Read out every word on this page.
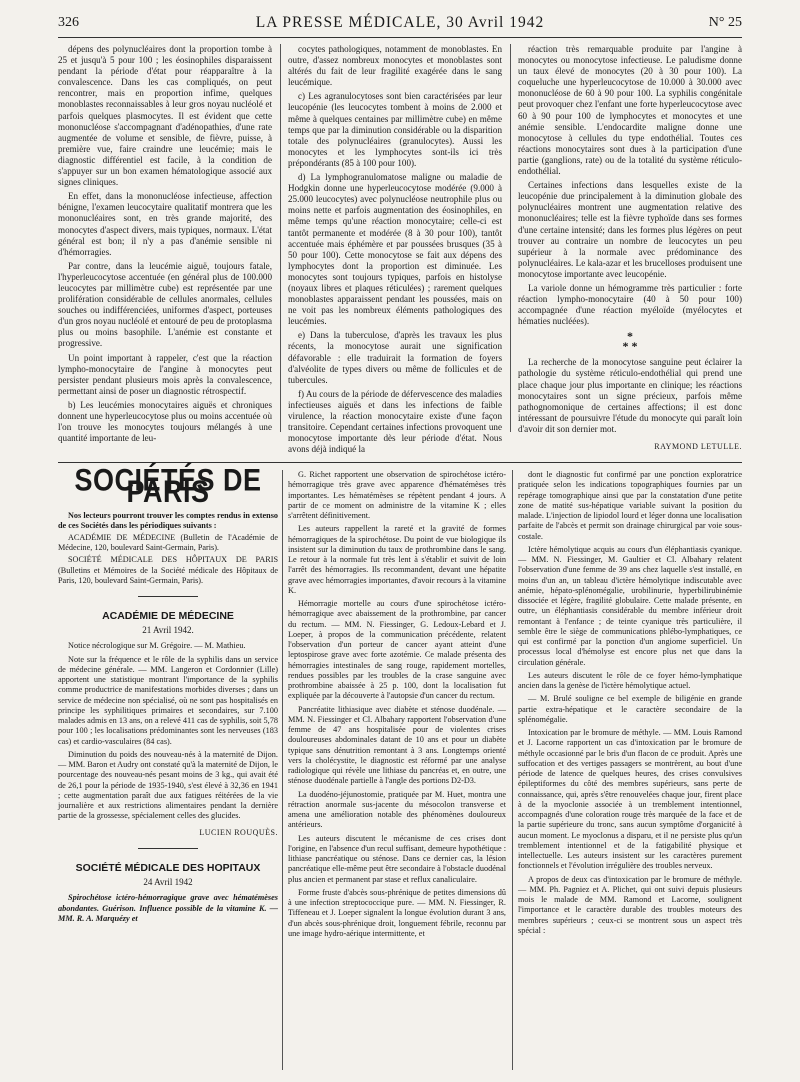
326	LA PRESSE MÉDICALE, 30 Avril 1942	N° 25

dépens des polynucléaires dont la proportion tombe à 25 et jusqu'à 5 pour 100 ; les éosinophiles disparaissent pendant la période d'état pour réapparaître à la convalescence. Dans les cas compliqués, on peut rencontrer, mais en proportion infime, quelques monoblastes reconnaissables à leur gros noyau nucléolé et parfois quelques plasmocytes. Il est évident que cette mononucléose s'accompagnant d'adénopathies, d'une rate augmentée de volume et sensible, de fièvre, puisse, à première vue, faire craindre une leucémie; mais le diagnostic différentiel est facile, à la condition de s'appuyer sur un bon examen hématologique associé aux signes cliniques.

En effet, dans la mononucléose infectieuse, affection bénigne, l'examen leucocytaire qualitatif montrera que les mononucléaires sont, en très grande majorité, des monocytes d'aspect divers, mais typiques, normaux. L'état général est bon; il n'y a pas d'anémie sensible ni d'hémorragies.

Par contre, dans la leucémie aiguë, toujours fatale, l'hyperleucocytose accentuée (en général plus de 100.000 leucocytes par millimètre cube) est représentée par une prolifération considérable de cellules anormales, cellules souches ou indifférenciées, uniformes d'aspect, porteuses d'un gros noyau nucléolé et entouré de peu de protoplasma plus ou moins basophile. L'anémie est constante et progressive.

Un point important à rappeler, c'est que la réaction lympho-monocytaire de l'angine à monocytes peut persister pendant plusieurs mois après la convalescence, permettant ainsi de poser un diagnostic rétrospectif.

b) Les leucémies monocytaires aiguës et chroniques donnent une hyperleucocytose plus ou moins accentuée où l'on trouve les monocytes toujours mélangés à une quantité importante de leu-

cocytes pathologiques, notamment de monoblastes. En outre, d'assez nombreux monocytes et monoblastes sont altérés du fait de leur fragilité exagérée dans le sang leucémique.

c) Les agranulocytoses sont bien caractérisées par leur leucopénie (les leucocytes tombent à moins de 2.000 et même à quelques centaines par millimètre cube) en même temps que par la diminution considérable ou la disparition totale des polynucléaires (granulocytes). Aussi les monocytes et les lymphocytes sont-ils ici très prépondérants (85 à 100 pour 100).

d) La lymphogranulomatose maligne ou maladie de Hodgkin donne une hyperleucocytose modérée (9.000 à 25.000 leucocytes) avec polynucléose neutrophile plus ou moins nette et parfois augmentation des éosinophiles, en même temps qu'une réaction monocytaire; celle-ci est tantôt permanente et modérée (8 à 30 pour 100), tantôt accentuée mais éphémère et par poussées brusques (35 à 50 pour 100). Cette monocytose se fait aux dépens des lymphocytes dont la proportion est diminuée. Les monocytes sont toujours typiques, parfois en histolyse (noyaux libres et plaques réticulées) ; rarement quelques monoblastes apparaissent pendant les poussées, mais on ne voit pas les nombreux éléments pathologiques des leucémies.

e) Dans la tuberculose, d'après les travaux les plus récents, la monocytose aurait une signification défavorable : elle traduirait la formation de foyers d'alvéolite de types divers ou même de follicules et de tubercules.

f) Au cours de la période de défervescence des maladies infectieuses aiguës et dans les infections de faible virulence, la réaction monocytaire existe d'une façon transitoire. Cependant certaines infections provoquent une monocytose importante dès leur période d'état. Nous avons déjà indiqué la

réaction très remarquable produite par l'angine à monocytes ou monocytose infectieuse. Le paludisme donne un taux élevé de monocytes (20 à 30 pour 100). La coqueluche une hyperleucocytose de 10.000 à 30.000 avec mononucléose de 60 à 90 pour 100. La syphilis congénitale peut provoquer chez l'enfant une forte hyperleucocytose avec 60 à 90 pour 100 de lymphocytes et monocytes et une anémie sensible. L'endocardite maligne donne une monocytose à cellules du type endothélial. Toutes ces réactions monocytaires sont dues à la participation d'une partie (ganglions, rate) ou de la totalité du système réticulo-endothélial.

Certaines infections dans lesquelles existe de la leucopénie due principalement à la diminution globale des polynucléaires montrent une augmentation relative des mononucléaires; telle est la fièvre typhoïde dans ses formes d'une certaine intensité; dans les formes plus légères on peut trouver au contraire un nombre de leucocytes un peu supérieur à la normale avec prédominance des polynucléaires. Le kala-azar et les brucelloses produisent une monocytose importante avec leucopénie.

La variole donne un hémogramme très particulier : forte réaction lympho-monocytaire (40 à 50 pour 100) accompagnée d'une réaction myéloïde (myélocytes et hématies nucléées).

*
* *

La recherche de la monocytose sanguine peut éclairer la pathologie du système réticulo-endothélial qui prend une place chaque jour plus importante en clinique; les réactions monocytaires sont un signe précieux, parfois même pathognomonique de certaines affections; il est donc intéressant de poursuivre l'étude du monocyte qui paraît loin d'avoir dit son dernier mot.

RAYMOND LETULLE.
SOCIÉTÉS DE PARIS

Nos lecteurs pourront trouver les comptes rendus in extenso de ces Sociétés dans les périodiques suivants :

ACADÉMIE DE MÉDECINE (Bulletin de l'Académie de Médecine, 120, boulevard Saint-Germain, Paris).

SOCIÉTÉ MÉDICALE DES HÔPITAUX DE PARIS (Bulletins et Mémoires de la Société médicale des Hôpitaux de Paris, 120, boulevard Saint-Germain, Paris).

ACADÉMIE DE MÉDECINE
21 Avril 1942.

Notice nécrologique sur M. Grégoire. — M. Mathieu.

Note sur la fréquence et le rôle de la syphilis dans un service de médecine générale. — MM. Langeron et Cordonnier (Lille) apportent une statistique montrant l'importance de la syphilis comme productrice de manifestations morbides diverses ; dans un service de médecine non spécialisé, où ne sont pas hospitalisés en principe les syphilitiques primaires et secondaires, sur 7.100 malades admis en 13 ans, on a relevé 411 cas de syphilis, soit 5,78 pour 100 ; les localisations prédominantes sont les nerveuses (183 cas) et cardio-vasculaires (84 cas).

Diminution du poids des nouveau-nés à la maternité de Dijon. — MM. Baron et Audry ont constaté qu'à la maternité de Dijon, le pourcentage des nouveau-nés pesant moins de 3 kg., qui avait été de 26,1 pour la période de 1935-1940, s'est élevé à 32,36 en 1941 ; cette augmentation paraît due aux fatigues réitérées de la vie journalière et aux restrictions alimentaires pendant la dernière partie de la grossesse, spécialement celles des glucides.

LUCIEN ROUQUÈS.
SOCIÉTÉ MÉDICALE DES HOPITAUX
24 Avril 1942

Spirochétose ictéro-hémorragique grave avec hématémèses abondantes. Guérison. Influence possible de la vitamine K. — MM. R. A. Marquézy et

G. Richet rapportent une observation de spirochétose ictéro-hémorragique très grave avec apparence d'hématémèses très importantes. Les hématémèses se répètent pendant 4 jours. A partir de ce moment on administre de la vitamine K ; elles s'arrêtent définitivement.

Les auteurs rappellent la rareté et la gravité de formes hémorragiques de la spirochétose. Du point de vue biologique ils insistent sur la diminution du taux de prothrombine dans le sang. Le retour à la normale fut très lent à s'établir et suivit de loin l'arrêt des hémorragies. Ils recommandent, devant une hépatite grave avec hémorragies importantes, d'avoir recours à la vitamine K.

Hémorragie mortelle au cours d'une spirochétose ictéro-hémorragique avec abaissement de la prothrombine, par cancer du rectum. — MM. N. Fiessinger, G. Ledoux-Lebard et J. Loeper, à propos de la communication précédente, relatent l'observation d'un porteur de cancer ayant atteint d'une leptospirose grave avec forte azotémie. Ce malade présenta des hémorragies intestinales de sang rouge, rapidement mortelles, rendues possibles par les troubles de la crase sanguine avec prothrombine abaissée à 25 p. 100, dont la localisation fut expliquée par la découverte à l'autopsie d'un cancer du rectum.

Pancréatite lithiasique avec diabète et sténose duodénale. — MM. N. Fiessinger et Cl. Albahary rapportent l'observation d'une femme de 47 ans hospitalisée pour de violentes crises douloureuses abdominales datant de 10 ans et pour un diabète typique sans dénutrition remontant à 3 ans. Longtemps orienté vers la cholécystite, le diagnostic est réformé par une analyse radiologique qui révèle une lithiase du pancréas et, en outre, une sténose duodénale partielle à l'angle des portions D2-D3.

La duodéno-jéjunostomie, pratiquée par M. Huet, montra une rétraction anormale sus-jacente du mésocolon transverse et amena une amélioration notable des phénomènes douloureux antérieurs.

Les auteurs discutent le mécanisme de ces crises dont l'origine, en l'absence d'un recul suffisant, demeure hypothétique : lithiase pancréatique ou sténose. Dans ce dernier cas, la lésion pancréatique elle-même peut être secondaire à l'obstacle duodénal plus ancien et permanent par stase et reflux canaliculaire.

Forme fruste d'abcès sous-phrénique de petites dimensions dû à une infection streptococcique pure. — MM. N. Fiessinger, R. Tiffeneau et J. Loeper signalent la longue évolution durant 3 ans, d'un abcès sous-phrénique droit, longuement fébrile, reconnu par une image hydro-aérique intermittente, et

dont le diagnostic fut confirmé par une ponction exploratrice pratiquée selon les indications topographiques fournies par un repérage tomographique ainsi que par la constatation d'une petite zone de matité sus-hépatique variable suivant la position du malade. L'injection de lipiodol lourd et léger donna une localisation parfaite de l'abcès et permit son drainage chirurgical par voie sous-costale.

Ictère hémolytique acquis au cours d'un éléphantiasis cyanique. — MM. N. Fiessinger, M. Gaultier et Cl. Albahary relatent l'observation d'une femme de 39 ans chez laquelle s'est installé, en moins d'un an, un tableau d'ictère hémolytique indiscutable avec anémie, hépato-splénomégalie, urobilinurie, hyperbilirubinémie dissociée et légère, fragilité globulaire. Cette malade présente, en outre, un éléphantiasis considérable du membre inférieur droit remontant à l'enfance ; de teinte cyanique très particulière, il semble être le siège de communications phlébo-lymphatiques, ce qui est confirmé par la ponction d'un angiome superficiel. Un processus local d'hémolyse est encore plus net que dans la circulation générale.

Les auteurs discutent le rôle de ce foyer hémo-lymphatique ancien dans la genèse de l'ictère hémolytique actuel.

— M. Brulé souligne ce bel exemple de biligénie en grande partie extra-hépatique et le caractère secondaire de la splénomégalie.

Intoxication par le bromure de méthyle. — MM. Louis Ramond et J. Lacorne rapportent un cas d'intoxication par le bromure de méthyle occasionné par le bris d'un flacon de ce produit. Après une suffocation et des vertiges passagers se montrèrent, au bout d'une période de latence de quelques heures, des crises convulsives épileptiformes du côté des membres supérieurs, sans perte de connaissance, qui, après s'être renouvelées chaque jour, firent place à de la myoclonie associée à un tremblement intentionnel, accompagnés d'une coloration rouge très marquée de la face et de la partie supérieure du tronc, sans aucun symptôme d'organicité à aucun moment. Le myoclonus a disparu, et il ne persiste plus qu'un tremblement intentionnel et de la fatigabilité physique et intellectuelle. Les auteurs insistent sur les caractères purement fonctionnels et l'évolution irrégulière des troubles nerveux.

A propos de deux cas d'intoxication par le bromure de méthyle. — MM. Ph. Pagniez et A. Plichet, qui ont suivi depuis plusieurs mois le malade de MM. Ramond et Lacorne, soulignent l'importance et le caractère durable des troubles moteurs des membres supérieurs ; ceux-ci se montrent sous un aspect très spécial :
